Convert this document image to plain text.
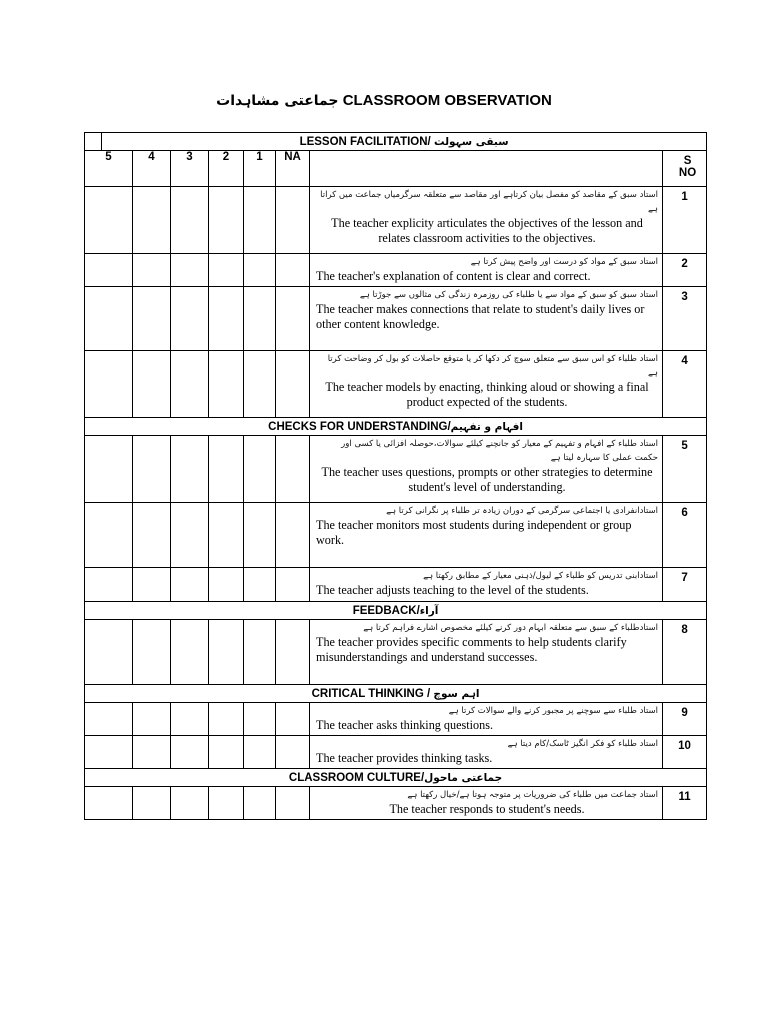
جماعتی مشاہدات CLASSROOM OBSERVATION
	LESSON FACILITATION/ سبقی سہولت							
5		4	3	2	1	NA		S NO

							استاد سبق کے مقاصد کو مفصل بیان کرتاہے اور مقاصد سے متعلقہ سرگرمیاں جماعت میں کراتا ہے
The teacher explicity articulates the objectives of the lesson and relates classroom activities to the objectives.	1

							استاد سبق کے مواد کو درست اور واضح پیش کرتا ہے
The teacher's explanation of content is clear and correct.	2

							استاد سبق کو سبق کے مواد سے یا طلباء کی روزمرہ زندگی کی مثالوں سے جوڑتا ہے
The teacher makes connections that relate to student's daily lives or other content knowledge.	3

							استاد طلباء کو اس سبق سے متعلق سوچ کر دکھا کر یا متوقع حاصلات کو بول کر وضاحت کرتا ہے
The teacher models by enacting, thinking aloud or showing a final product expected of the students.	4
CHECKS FOR UNDERSTANDING/افہام و تفہیم								

							استاد طلباء کے افہام و تفہیم کے معیار کو جانچنے کیلئے سوالات،حوصلہ افزائی یا کسی اور حکمت عملی کا سہارہ لیتا ہے
The teacher uses questions, prompts or other strategies to determine student's level of understanding.	5

							استادانفرادی یا اجتماعی سرگرمی کے دوران زیادہ تر طلباء پر نگرانی کرتا ہے
The teacher monitors most students during independent or group work.	6

							استادابنی تدریس کو طلباء کے لیول/ذہنی معیار کے مطابق رکھتا ہے
The teacher adjusts teaching to the level of the students.	7
FEEDBACK/آراء								

							استادطلباء کے سبق سے متعلقہ ابہام دور کرنے کیلئے مخصوص اشارے فراہم کرتا ہے
The teacher provides specific comments to help students clarify misunderstandings and understand successes.	8
CRITICAL THINKING / اہم سوچ								

							استاد طلباء سے سوچنے پر مجبور کرنے والے سوالات کرتا ہے
The teacher asks thinking questions.	9

							استاد طلباء کو فکر انگیز ٹاسک/کام دیتا ہے
The teacher provides thinking tasks.	10
CLASSROOM CULTURE/جماعتی ماحول								

							استاد جماعت میں طلباء کی ضروریات پر متوجہ ہوتا ہے/خیال رکھتا ہے
The teacher responds to student's needs.	11
